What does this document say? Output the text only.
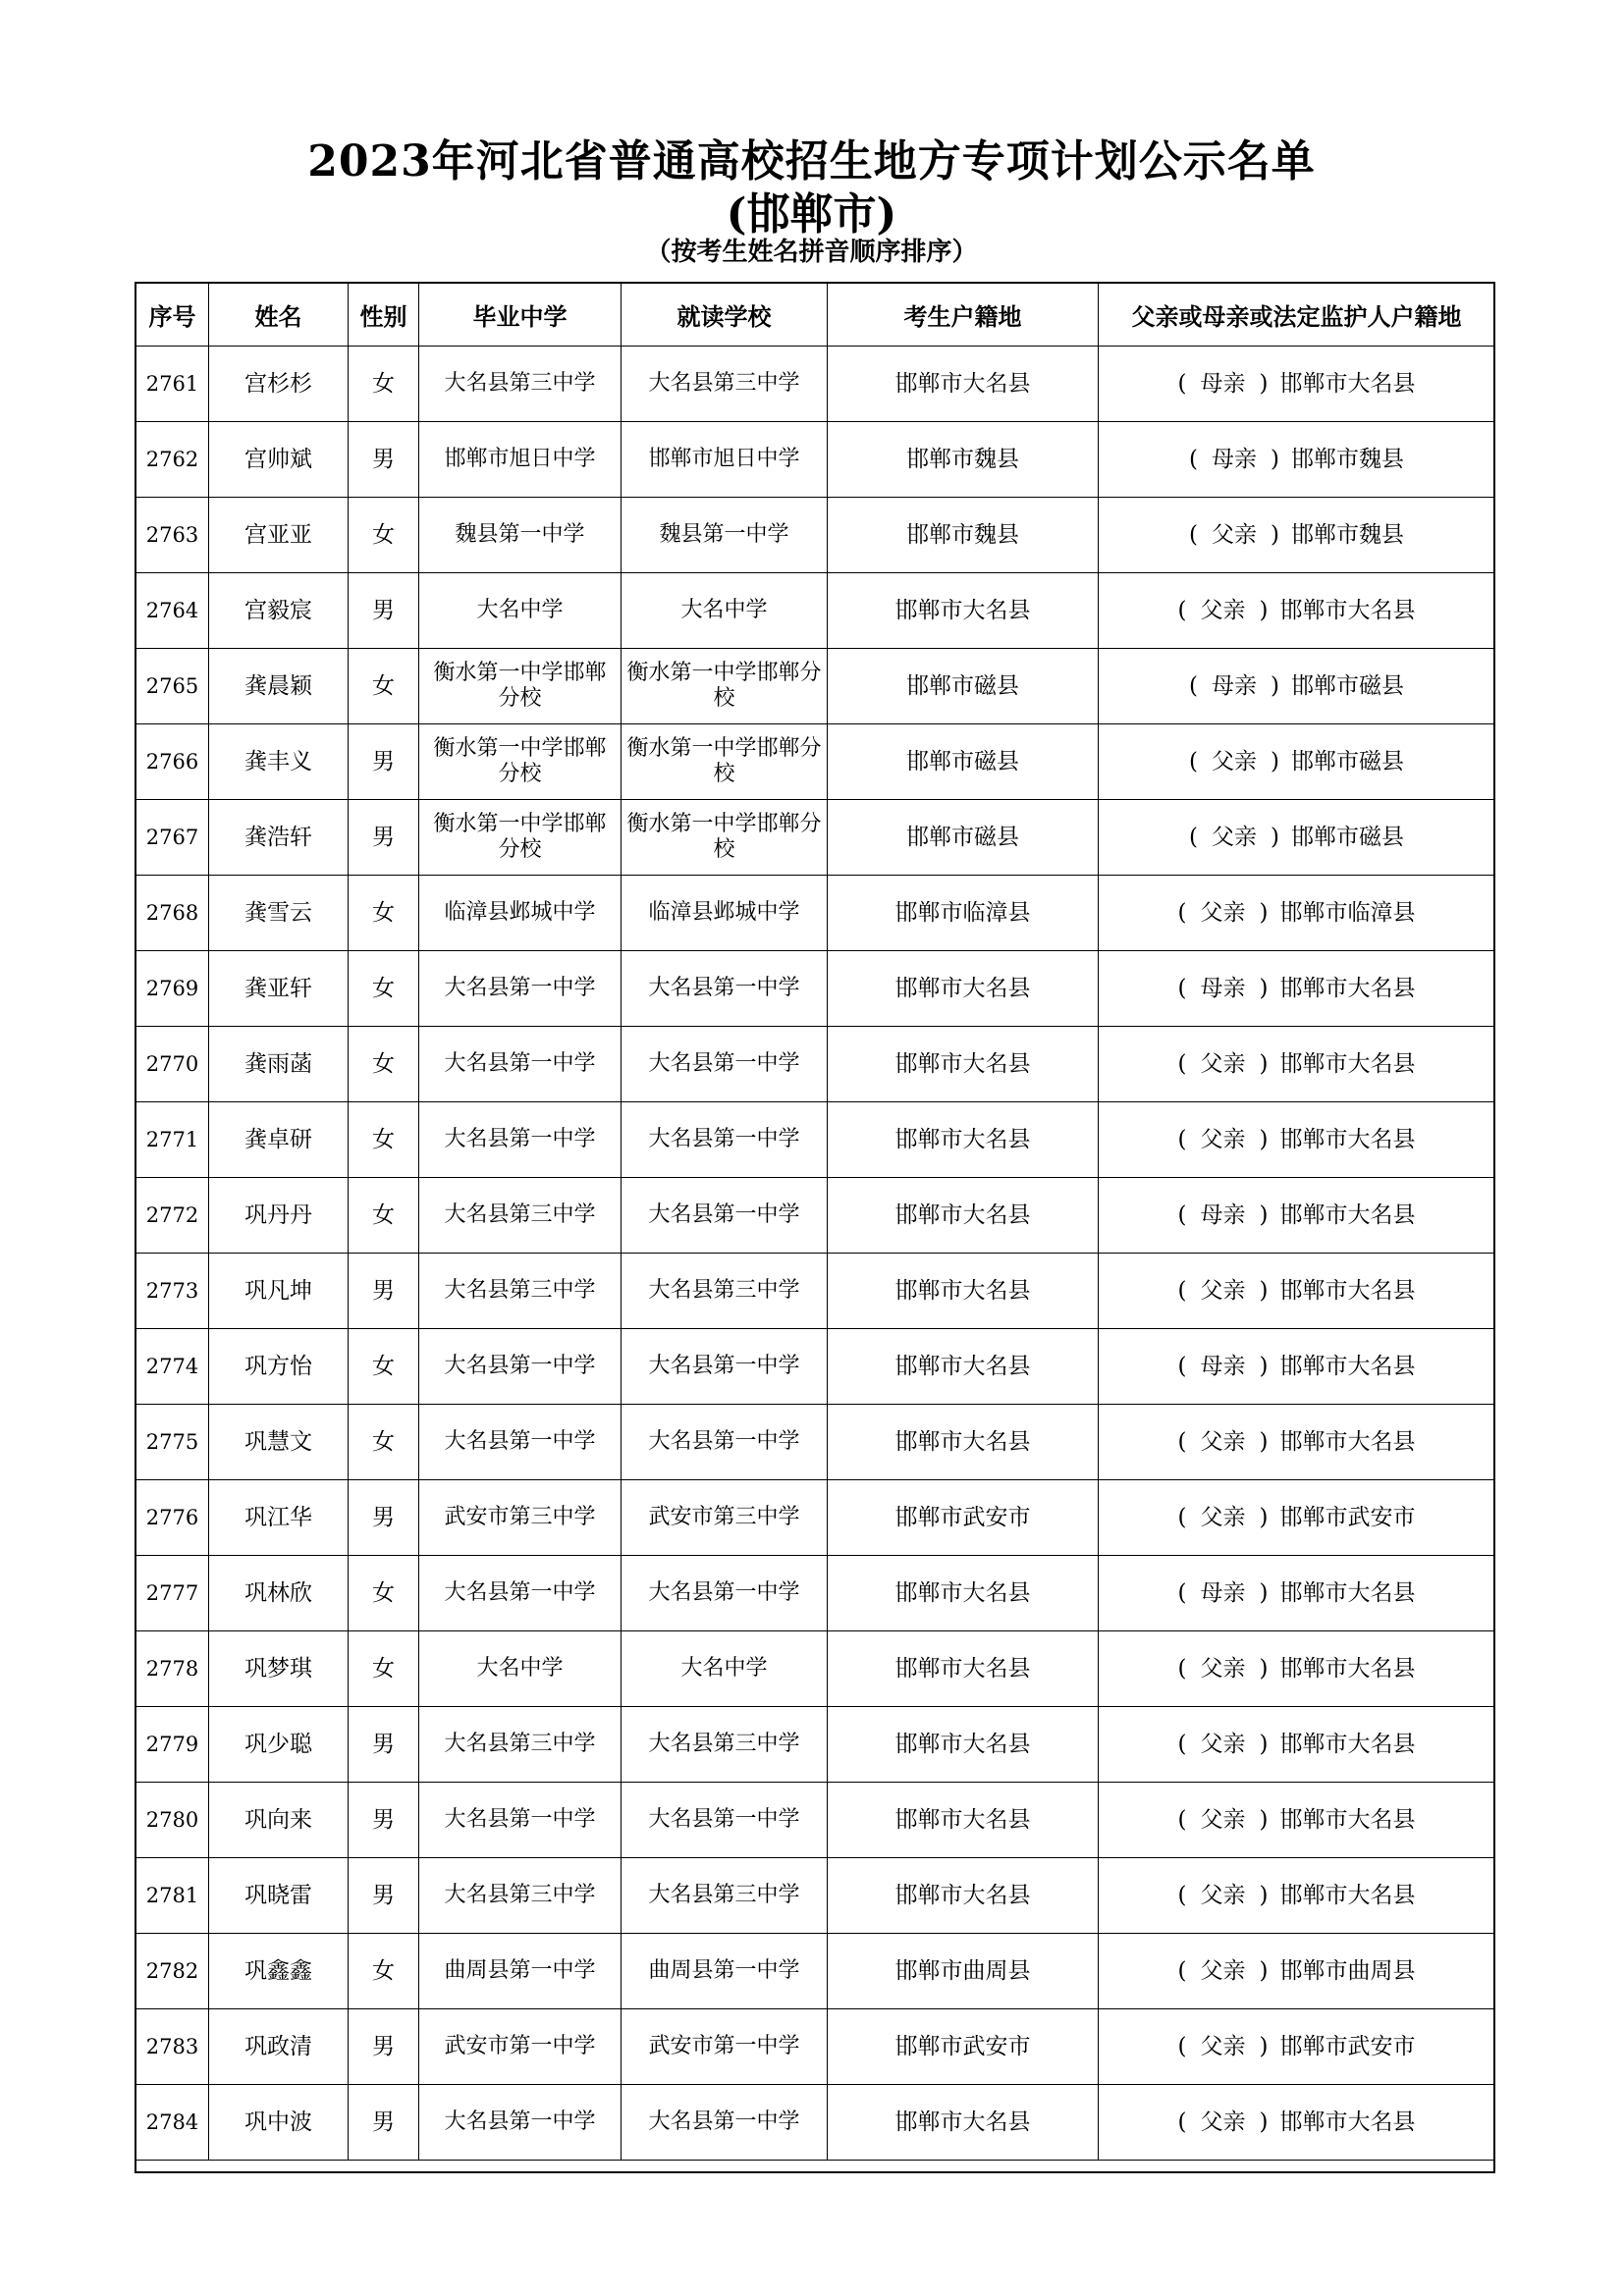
2023年河北省普通高校招生地方专项计划公示名单
(邯郸市)
（按考生姓名拼音顺序排序）
序号	姓名	性别	毕业中学	就读学校	考生户籍地	父亲或母亲或法定监护人户籍地
2761	宫杉杉	女	大名县第三中学	大名县第三中学	邯郸市大名县	( 母亲 ) 邯郸市大名县
2762	宫帅斌	男	邯郸市旭日中学	邯郸市旭日中学	邯郸市魏县	( 母亲 ) 邯郸市魏县
2763	宫亚亚	女	魏县第一中学	魏县第一中学	邯郸市魏县	( 父亲 ) 邯郸市魏县
2764	宫毅宸	男	大名中学	大名中学	邯郸市大名县	( 父亲 ) 邯郸市大名县
2765	龚晨颖	女	衡水第一中学邯郸分校	衡水第一中学邯郸分校	邯郸市磁县	( 母亲 ) 邯郸市磁县
2766	龚丰义	男	衡水第一中学邯郸分校	衡水第一中学邯郸分校	邯郸市磁县	( 父亲 ) 邯郸市磁县
2767	龚浩轩	男	衡水第一中学邯郸分校	衡水第一中学邯郸分校	邯郸市磁县	( 父亲 ) 邯郸市磁县
2768	龚雪云	女	临漳县邺城中学	临漳县邺城中学	邯郸市临漳县	( 父亲 ) 邯郸市临漳县
2769	龚亚轩	女	大名县第一中学	大名县第一中学	邯郸市大名县	( 母亲 ) 邯郸市大名县
2770	龚雨菡	女	大名县第一中学	大名县第一中学	邯郸市大名县	( 父亲 ) 邯郸市大名县
2771	龚卓研	女	大名县第一中学	大名县第一中学	邯郸市大名县	( 父亲 ) 邯郸市大名县
2772	巩丹丹	女	大名县第三中学	大名县第一中学	邯郸市大名县	( 母亲 ) 邯郸市大名县
2773	巩凡坤	男	大名县第三中学	大名县第三中学	邯郸市大名县	( 父亲 ) 邯郸市大名县
2774	巩方怡	女	大名县第一中学	大名县第一中学	邯郸市大名县	( 母亲 ) 邯郸市大名县
2775	巩慧文	女	大名县第一中学	大名县第一中学	邯郸市大名县	( 父亲 ) 邯郸市大名县
2776	巩江华	男	武安市第三中学	武安市第三中学	邯郸市武安市	( 父亲 ) 邯郸市武安市
2777	巩林欣	女	大名县第一中学	大名县第一中学	邯郸市大名县	( 母亲 ) 邯郸市大名县
2778	巩梦琪	女	大名中学	大名中学	邯郸市大名县	( 父亲 ) 邯郸市大名县
2779	巩少聪	男	大名县第三中学	大名县第三中学	邯郸市大名县	( 父亲 ) 邯郸市大名县
2780	巩向来	男	大名县第一中学	大名县第一中学	邯郸市大名县	( 父亲 ) 邯郸市大名县
2781	巩晓雷	男	大名县第三中学	大名县第三中学	邯郸市大名县	( 父亲 ) 邯郸市大名县
2782	巩鑫鑫	女	曲周县第一中学	曲周县第一中学	邯郸市曲周县	( 父亲 ) 邯郸市曲周县
2783	巩政清	男	武安市第一中学	武安市第一中学	邯郸市武安市	( 父亲 ) 邯郸市武安市
2784	巩中波	男	大名县第一中学	大名县第一中学	邯郸市大名县	( 父亲 ) 邯郸市大名县
